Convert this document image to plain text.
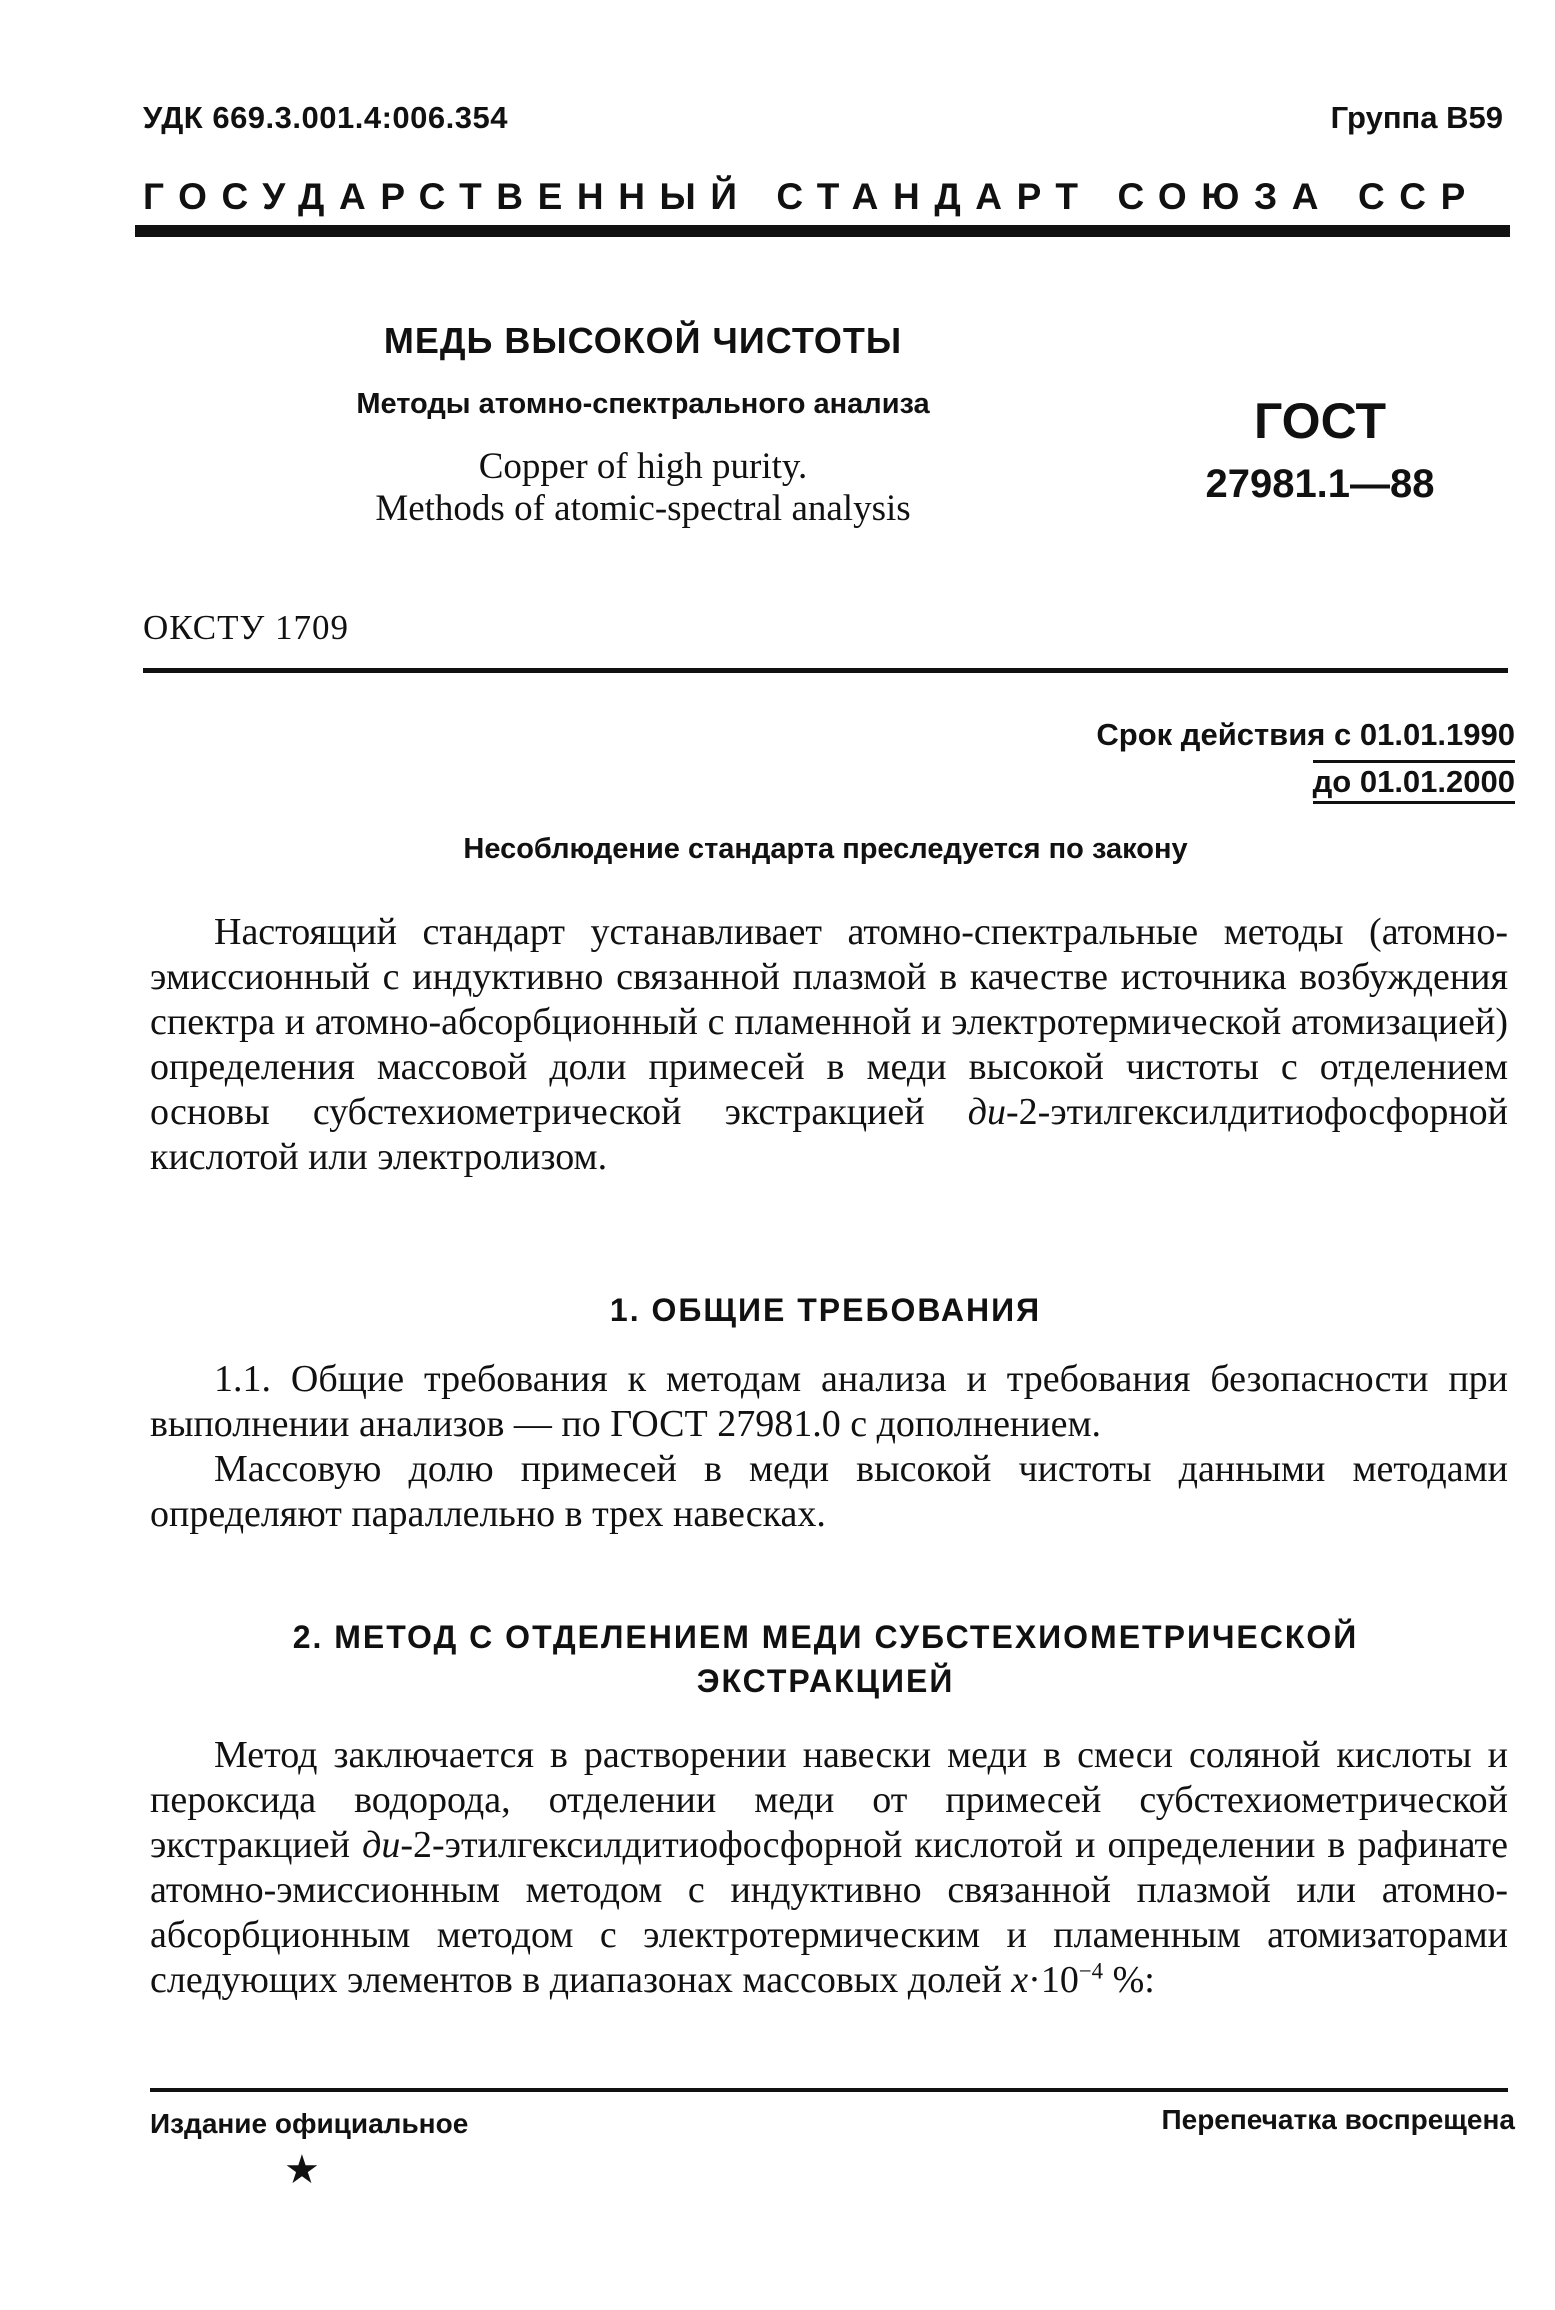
УДК 669.3.001.4:006.354	Группа В59
ГОСУДАРСТВЕННЫЙ СТАНДАРТ СОЮЗА ССР
МЕДЬ ВЫСОКОЙ ЧИСТОТЫ
Методы атомно-спектрального анализа
Copper of high purity.
Methods of atomic-spectral analysis
ГОСТ
27981.1—88
ОКСТУ 1709
Срок действия с 01.01.1990
до 01.01.2000
Несоблюдение стандарта преследуется по закону

Настоящий стандарт устанавливает атомно-спектральные методы (атомно-эмиссионный с индуктивно связанной плазмой в качестве источника возбуждения спектра и атомно-абсорбционный с пламенной и электротермической атомизацией) определения массовой доли примесей в меди высокой чистоты с отделением основы субстехиометрической экстракцией ди-2-этилгексилдитиофосфорной кислотой или электролизом.

1. ОБЩИЕ ТРЕБОВАНИЯ

1.1. Общие требования к методам анализа и требования безопасности при выполнении анализов — по ГОСТ 27981.0 с дополнением.

Массовую долю примесей в меди высокой чистоты данными методами определяют параллельно в трех навесках.

2. МЕТОД С ОТДЕЛЕНИЕМ МЕДИ СУБСТЕХИОМЕТРИЧЕСКОЙ
ЭКСТРАКЦИЕЙ

Метод заключается в растворении навески меди в смеси соляной кислоты и пероксида водорода, отделении меди от примесей субстехиометрической экстракцией ди-2-этилгексилдитиофосфорной кислотой и определении в рафинате атомно-эмиссионным методом с индуктивно связанной плазмой или атомно-абсорбционным методом с электротермическим и пламенным атомизаторами следующих элементов в диапазонах массовых долей $x\cdot 10^{-4}$ %:

Издание официальное	Перепечатка воспрещена
★
